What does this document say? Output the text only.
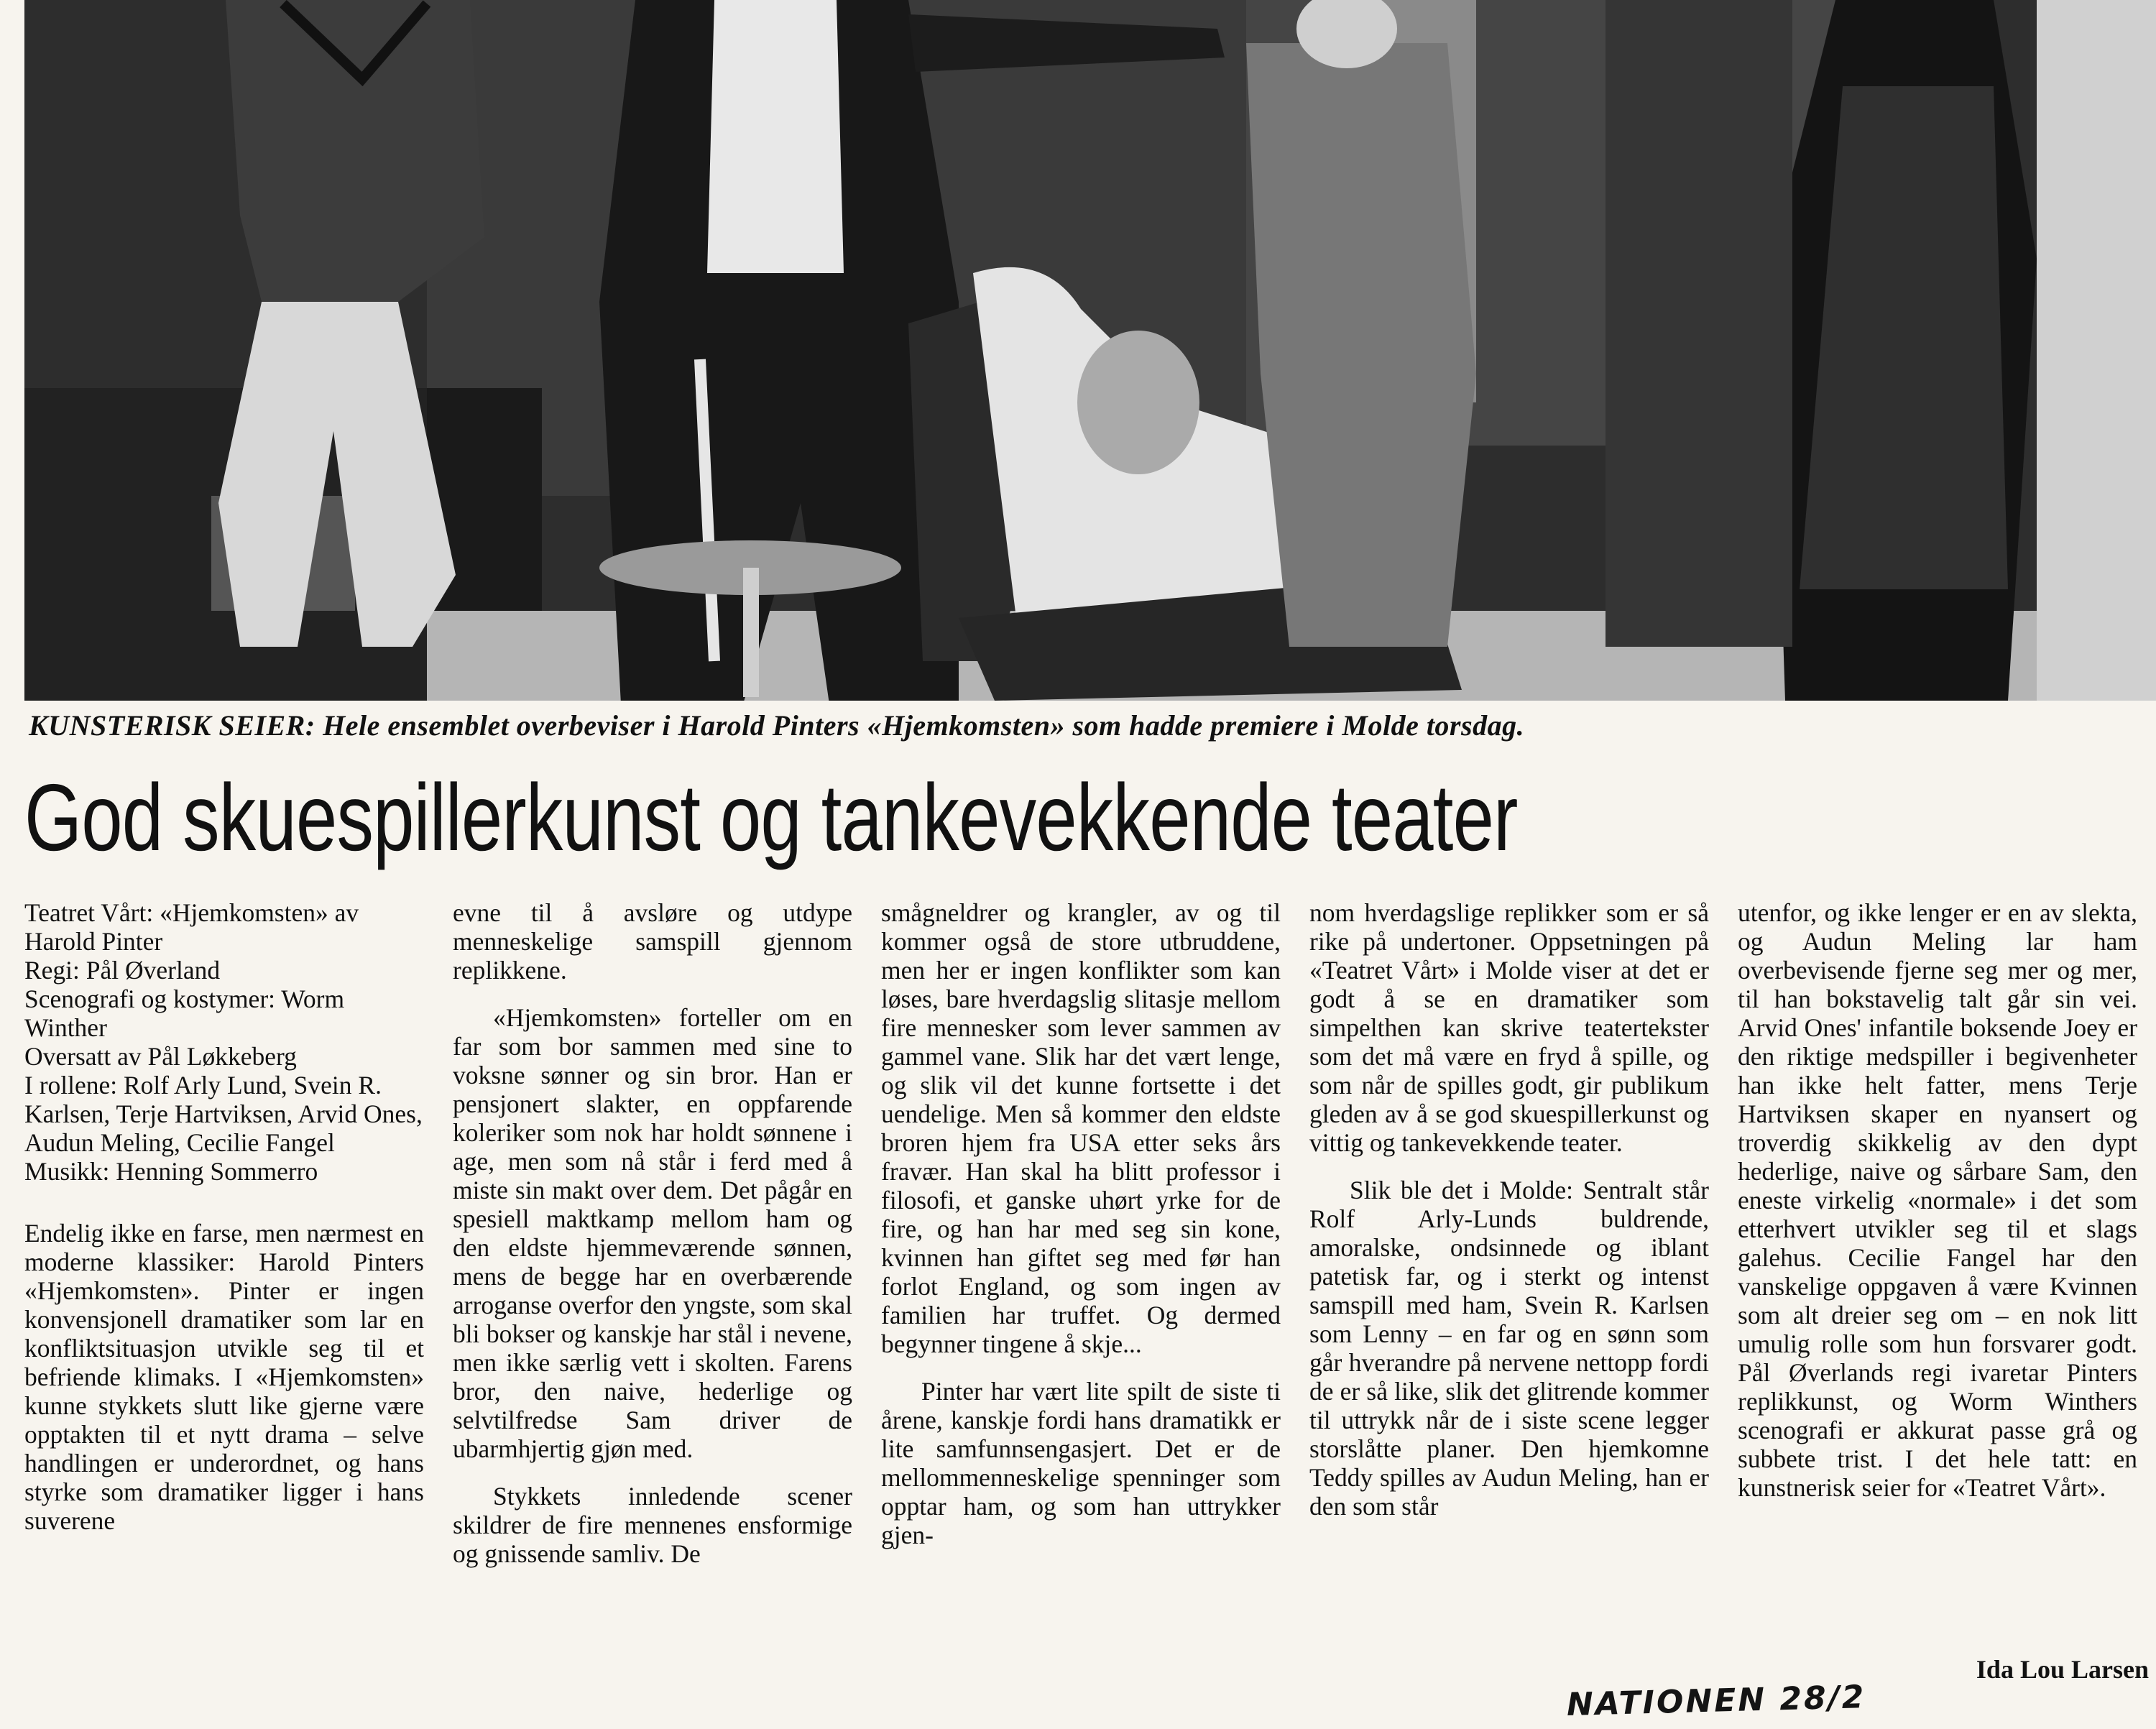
KUNSTERISK SEIER: Hele ensemblet overbeviser i Harold Pinters «Hjemkomsten» som hadde premiere i Molde torsdag.
God skuespillerkunst og tankevekkende teater
Teatret Vårt: «Hjemkomsten» av Harold Pinter
Regi: Pål Øverland
Scenografi og kostymer: Worm Winther
Oversatt av Pål Løkkeberg
I rollene: Rolf Arly Lund, Svein R. Karlsen, Terje Hartviksen, Arvid Ones, Audun Meling, Cecilie Fangel
Musikk: Henning Sommerro

Endelig ikke en farse, men nærmest en moderne klassiker: Harold Pinters «Hjemkomsten». Pinter er ingen konvensjonell dramatiker som lar en konfliktsituasjon utvikle seg til et befriende klimaks. I «Hjemkomsten» kunne stykkets slutt like gjerne være opptakten til et nytt drama – selve handlingen er underordnet, og hans styrke som dramatiker ligger i hans suverene

evne til å avsløre og utdype menneskelige samspill gjennom replikkene.

«Hjemkomsten» forteller om en far som bor sammen med sine to voksne sønner og sin bror. Han er pensjonert slakter, en oppfarende koleriker som nok har holdt sønnene i age, men som nå står i ferd med å miste sin makt over dem. Det pågår en spesiell maktkamp mellom ham og den eldste hjemmeværende sønnen, mens de begge har en overbærende arroganse overfor den yngste, som skal bli bokser og kanskje har stål i nevene, men ikke særlig vett i skolten. Farens bror, den naive, hederlige og selvtilfredse Sam driver de ubarmhjertig gjøn med.

Stykkets innledende scener skildrer de fire mennenes ensformige og gnissende samliv. De

smågneldrer og krangler, av og til kommer også de store utbruddene, men her er ingen konflikter som kan løses, bare hverdagslig slitasje mellom fire mennesker som lever sammen av gammel vane. Slik har det vært lenge, og slik vil det kunne fortsette i det uendelige. Men så kommer den eldste broren hjem fra USA etter seks års fravær. Han skal ha blitt professor i filosofi, et ganske uhørt yrke for de fire, og han har med seg sin kone, kvinnen han giftet seg med før han forlot England, og som ingen av familien har truffet. Og dermed begynner tingene å skje...

Pinter har vært lite spilt de siste ti årene, kanskje fordi hans dramatikk er lite samfunnsengasjert. Det er de mellommenneskelige spenninger som opptar ham, og som han uttrykker gjen-

nom hverdagslige replikker som er så rike på undertoner. Oppsetningen på «Teatret Vårt» i Molde viser at det er godt å se en dramatiker som simpelthen kan skrive teatertekster som det må være en fryd å spille, og som når de spilles godt, gir publikum gleden av å se god skuespillerkunst og vittig og tankevekkende teater.

Slik ble det i Molde: Sentralt står Rolf Arly-Lunds buldrende, amoralske, ondsinnede og iblant patetisk far, og i sterkt og intenst samspill med ham, Svein R. Karlsen som Lenny – en far og en sønn som går hverandre på nervene nettopp fordi de er så like, slik det glitrende kommer til uttrykk når de i siste scene legger storslåtte planer. Den hjemkomne Teddy spilles av Audun Meling, han er den som står

utenfor, og ikke lenger er en av slekta, og Audun Meling lar ham overbevisende fjerne seg mer og mer, til han bokstavelig talt går sin vei. Arvid Ones' infantile boksende Joey er den riktige medspiller i begivenheter han ikke helt fatter, mens Terje Hartviksen skaper en nyansert og troverdig skikkelig av den dypt hederlige, naive og sårbare Sam, den eneste virkelig «normale» i det som etterhvert utvikler seg til et slags galehus. Cecilie Fangel har den vanskelige oppgaven å være Kvinnen som alt dreier seg om – en nok litt umulig rolle som hun forsvarer godt. Pål Øverlands regi ivaretar Pinters replikkunst, og Worm Winthers scenografi er akkurat passe grå og subbete trist. I det hele tatt: en kunstnerisk seier for «Teatret Vårt».

Ida Lou Larsen
NATIONEN 28/2
